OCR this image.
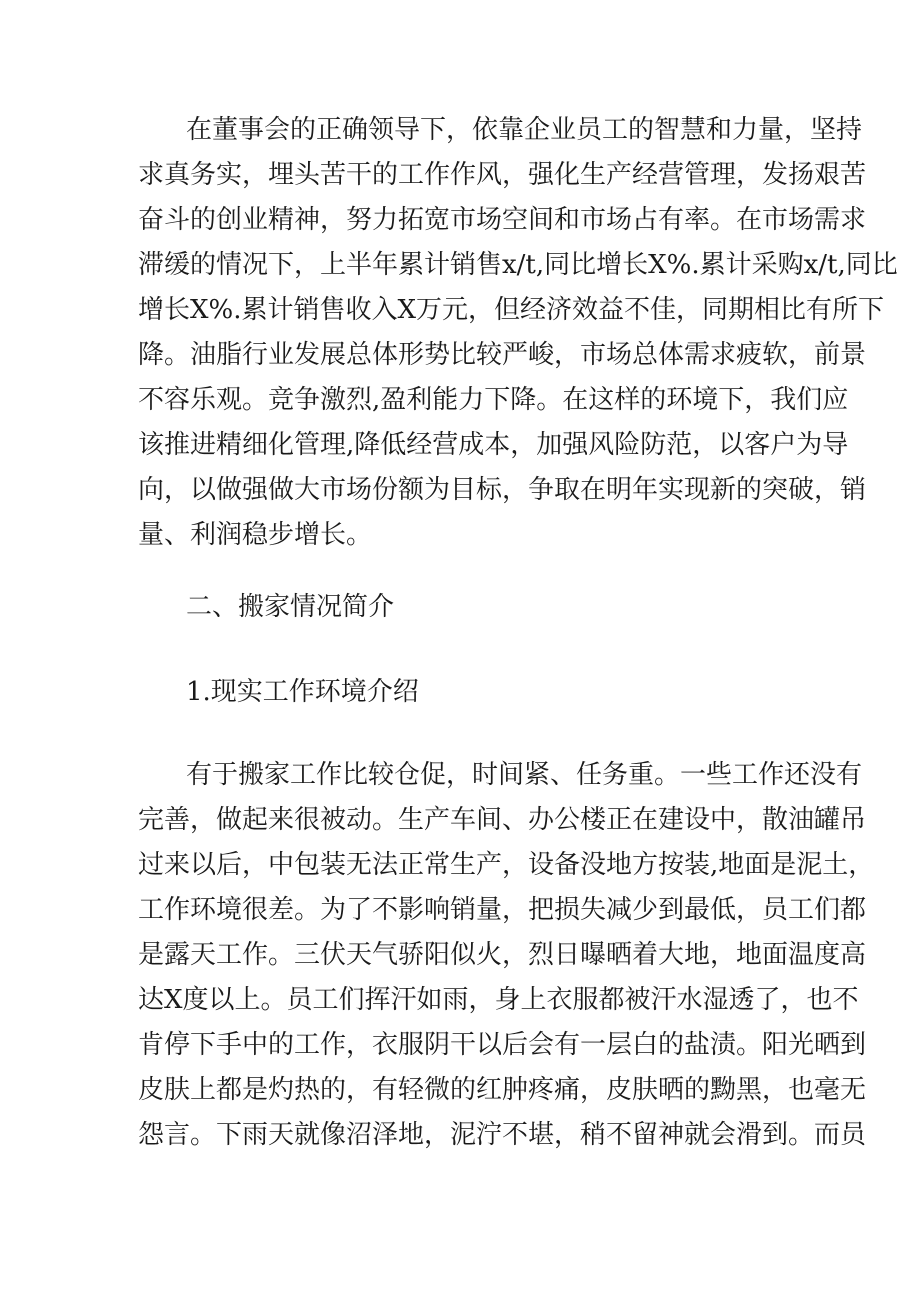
在董事会的正确领导下，依靠企业员工的智慧和力量，坚持
求真务实，埋头苦干的工作作风，强化生产经营管理，发扬艰苦
奋斗的创业精神，努力拓宽市场空间和市场占有率。在市场需求
滞缓的情况下，上半年累计销售x/t,同比增长X%.累计采购x/t,同比
增长X%.累计销售收入X万元，但经济效益不佳，同期相比有所下
降。油脂行业发展总体形势比较严峻，市场总体需求疲软，前景
不容乐观。竞争激烈,盈利能力下降。在这样的环境下，我们应
该推进精细化管理,降低经营成本，加强风险防范，以客户为导
向，以做强做大市场份额为目标，争取在明年实现新的突破，销
量、利润稳步增长。
二、搬家情况简介
1.现实工作环境介绍
有于搬家工作比较仓促，时间紧、任务重。一些工作还没有
完善，做起来很被动。生产车间、办公楼正在建设中，散油罐吊
过来以后，中包装无法正常生产，设备没地方按装,地面是泥土，
工作环境很差。为了不影响销量，把损失减少到最低，员工们都
是露天工作。三伏天气骄阳似火，烈日曝晒着大地，地面温度高
达X度以上。员工们挥汗如雨，身上衣服都被汗水湿透了，也不
肯停下手中的工作，衣服阴干以后会有一层白的盐渍。阳光晒到
皮肤上都是灼热的，有轻微的红肿疼痛，皮肤晒的黝黑，也毫无
怨言。下雨天就像沼泽地，泥泞不堪，稍不留神就会滑到。而员
